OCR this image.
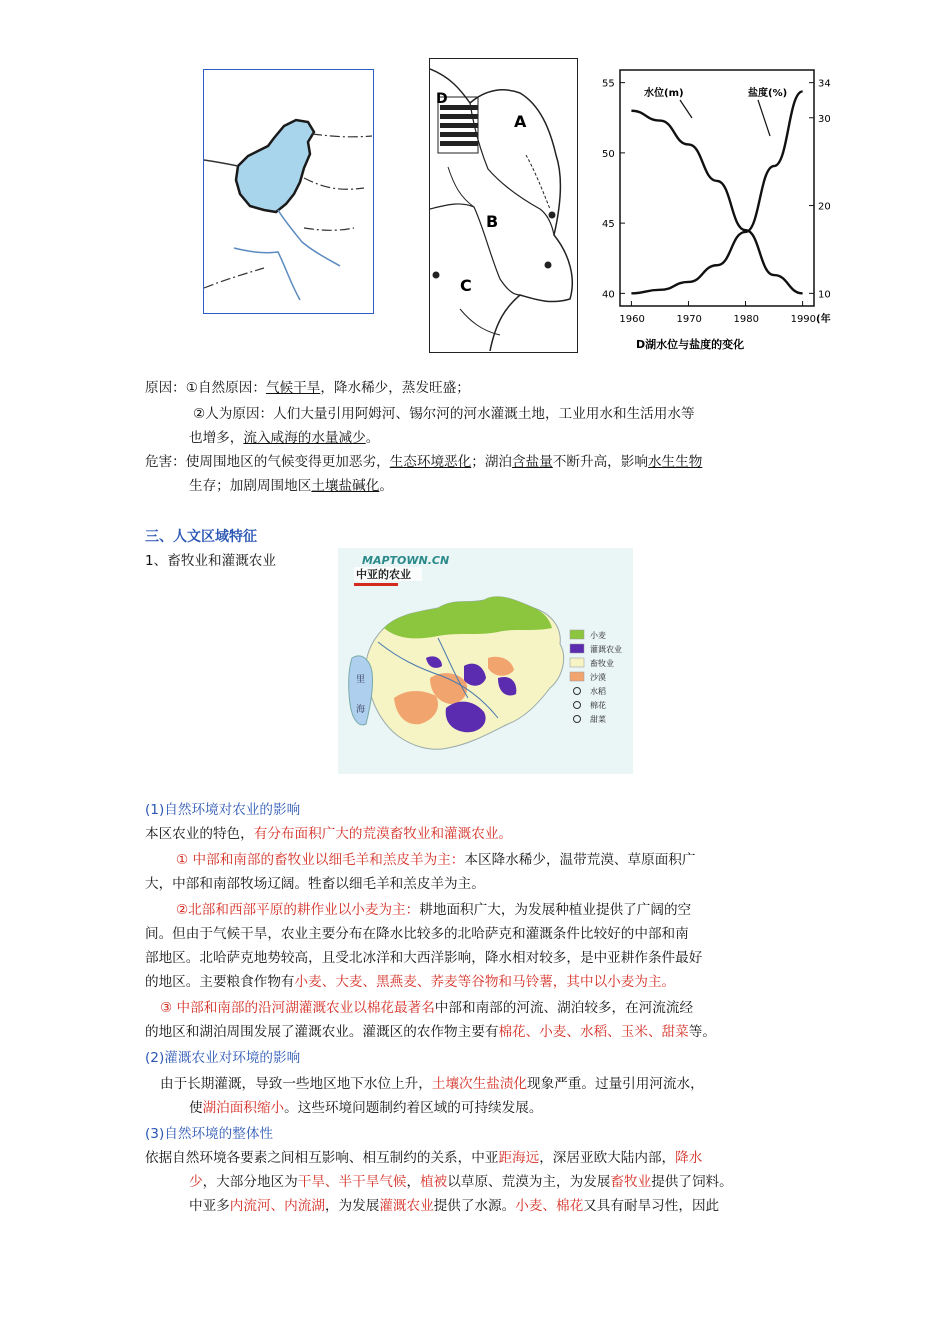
D
A
B
C	40
45
50
55
10
20
30
34
1960	1970	1980	1990
水位(m)	盐度(%)
(年
D湖水位与盐度的变化
原因：①自然原因：气候干旱，降水稀少，蒸发旺盛；
②人为原因：人们大量引用阿姆河、锡尔河的河水灌溉土地，工业用水和生活用水等
也增多，流入咸海的水量减少。
危害：使周围地区的气候变得更加恶劣，生态环境恶化；湖泊含盐量不断升高，影响水生生物
生存；加剧周围地区土壤盐碱化。
三、人文区域特征
1、畜牧业和灌溉农业	MAPTOWN.CN
中亚的农业
里
海
小麦
灌溉农业
畜牧业
沙漠
水稻
棉花
甜菜
(1)自然环境对农业的影响
本区农业的特色，有分布面积广大的荒漠畜牧业和灌溉农业。
① 中部和南部的畜牧业以细毛羊和羔皮羊为主：本区降水稀少，温带荒漠、草原面积广
大，中部和南部牧场辽阔。牲畜以细毛羊和羔皮羊为主。
②北部和西部平原的耕作业以小麦为主：耕地面积广大，为发展种植业提供了广阔的空
间。但由于气候干旱，农业主要分布在降水比较多的北哈萨克和灌溉条件比较好的中部和南
部地区。北哈萨克地势较高，且受北冰洋和大西洋影响，降水相对较多，是中亚耕作条件最好
的地区。主要粮食作物有小麦、大麦、黑燕麦、荞麦等谷物和马铃薯，其中以小麦为主。
③ 中部和南部的沿河湖灌溉农业以棉花最著名中部和南部的河流、湖泊较多，在河流流经
的地区和湖泊周围发展了灌溉农业。灌溉区的农作物主要有棉花、小麦、水稻、玉米、甜菜等。
(2)灌溉农业对环境的影响
由于长期灌溉，导致一些地区地下水位上升，土壤次生盐渍化现象严重。过量引用河流水，
使湖泊面积缩小。这些环境问题制约着区域的可持续发展。
(3)自然环境的整体性
依据自然环境各要素之间相互影响、相互制约的关系，中亚距海远，深居亚欧大陆内部，降水
少，大部分地区为干旱、半干旱气候，植被以草原、荒漠为主，为发展畜牧业提供了饲料。
中亚多内流河、内流湖，为发展灌溉农业提供了水源。小麦、棉花又具有耐旱习性，因此
